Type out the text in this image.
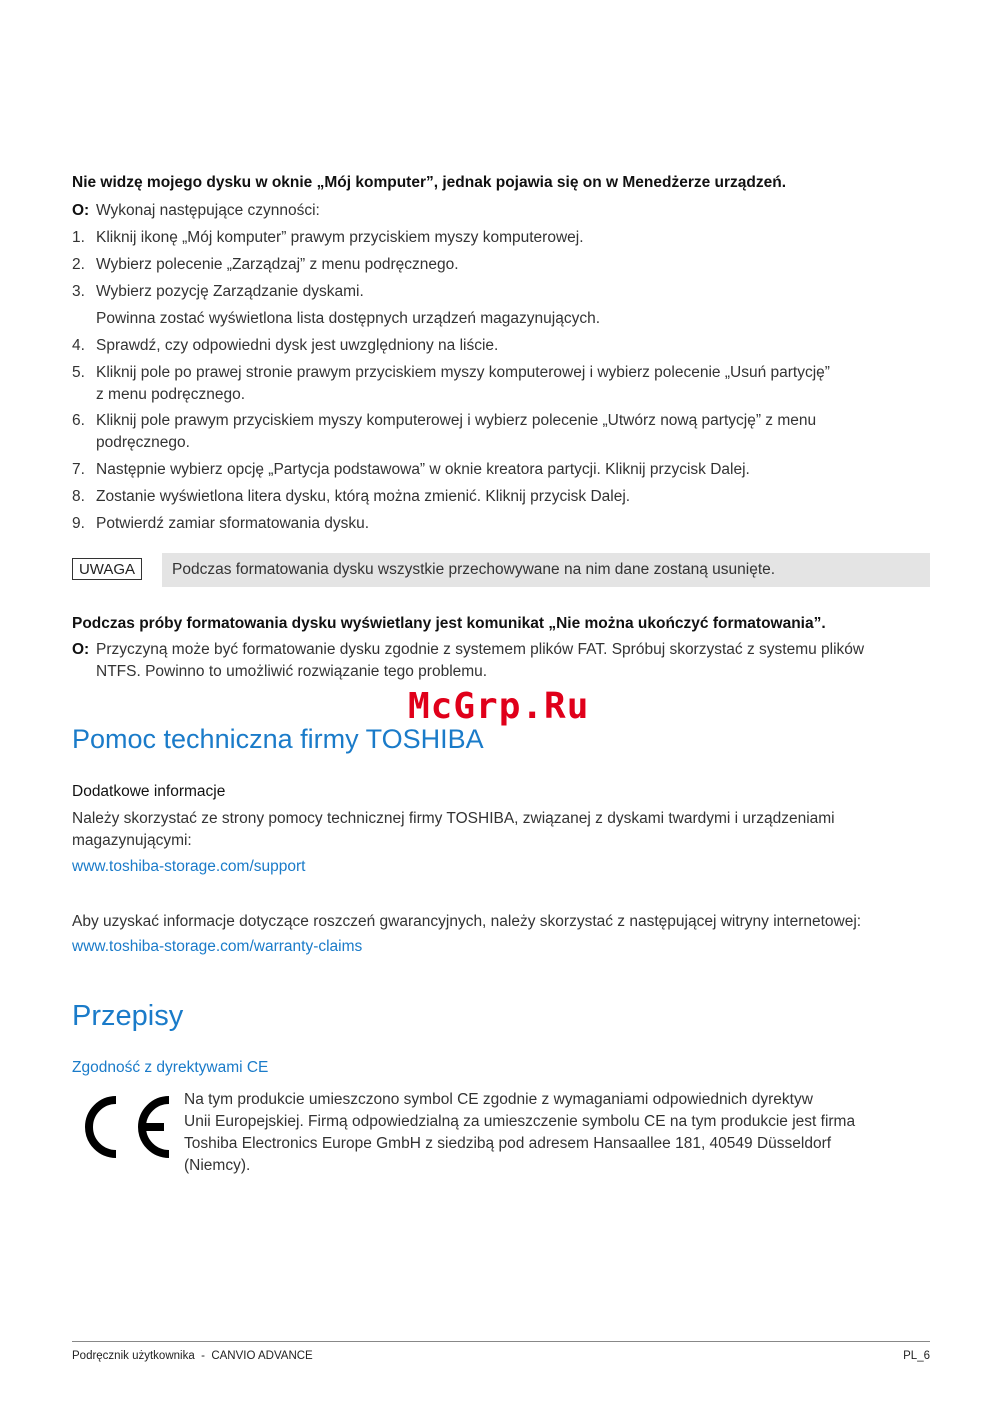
Nie widzę mojego dysku w oknie „Mój komputer”, jednak pojawia się on w Menedżerze urządzeń.
O: Wykonaj następujące czynności:
1. Kliknij ikonę „Mój komputer” prawym przyciskiem myszy komputerowej.
2. Wybierz polecenie „Zarządzaj” z menu podręcznego.
3. Wybierz pozycję Zarządzanie dyskami.
Powinna zostać wyświetlona lista dostępnych urządzeń magazynujących.
4. Sprawdź, czy odpowiedni dysk jest uwzględniony na liście.
5. Kliknij pole po prawej stronie prawym przyciskiem myszy komputerowej i wybierz polecenie „Usuń partycję”
z menu podręcznego.
6. Kliknij pole prawym przyciskiem myszy komputerowej i wybierz polecenie „Utwórz nową partycję” z menu
podręcznego.
7. Następnie wybierz opcję „Partycja podstawowa” w oknie kreatora partycji. Kliknij przycisk Dalej.
8. Zostanie wyświetlona litera dysku, którą można zmienić. Kliknij przycisk Dalej.
9. Potwierdź zamiar sformatowania dysku.
UWAGA	Podczas formatowania dysku wszystkie przechowywane na nim dane zostaną usunięte.
Podczas próby formatowania dysku wyświetlany jest komunikat „Nie można ukończyć formatowania”.
O: Przyczyną może być formatowanie dysku zgodnie z systemem plików FAT. Spróbuj skorzystać z systemu plików
NTFS. Powinno to umożliwić rozwiązanie tego problemu.
Pomoc techniczna firmy TOSHIBA
Dodatkowe informacje
Należy skorzystać ze strony pomocy technicznej firmy TOSHIBA, związanej z dyskami twardymi i urządzeniami
magazynującymi:
www.toshiba-storage.com/support
Aby uzyskać informacje dotyczące roszczeń gwarancyjnych, należy skorzystać z następującej witryny internetowej:
www.toshiba-storage.com/warranty-claims
Przepisy
Zgodność z dyrektywami CE
McGrp.Ru
Na tym produkcie umieszczono symbol CE zgodnie z wymaganiami odpowiednich dyrektyw
Unii Europejskiej. Firmą odpowiedzialną za umieszczenie symbolu CE na tym produkcie jest firma
Toshiba Electronics Europe GmbH z siedzibą pod adresem Hansaallee 181, 40549 Düsseldorf
(Niemcy).
Podręcznik użytkownika  -  CANVIO ADVANCE	PL_6
